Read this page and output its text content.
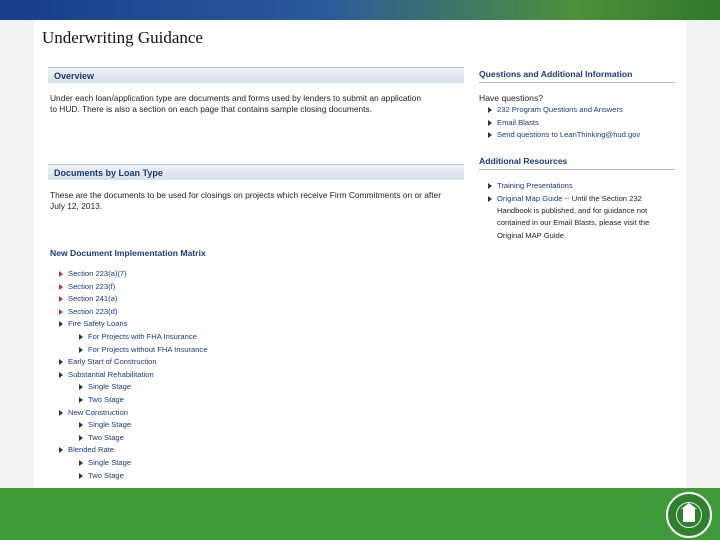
Underwriting Guidance
Overview
Under each loan/application type are documents and forms used by lenders to submit an application to HUD. There is also a section on each page that contains sample closing documents.
Documents by Loan Type
These are the documents to be used for closings on projects which receive Firm Commitments on or after July 12, 2013.
New Document Implementation Matrix
Section 223(a)(7)
Section 223(f)
Section 241(a)
Section 223(d)
Fire Safety Loans
For Projects with FHA Insurance
For Projects without FHA Insurance
Early Start of Construction
Substantial Rehabilitation
Single Stage
Two Stage
New Construction
Single Stage
Two Stage
Blended Rate
Single Stage
Two Stage
Questions and Additional Information
Have questions?
232 Program Questions and Answers
Email Blasts
Send questions to LeanThinking@hud.gov
Additional Resources
Training Presentations
Original Map Guide -- Until the Section 232 Handbook is published, and for guidance not contained in our Email Blasts, please visit the Original MAP Guide.
